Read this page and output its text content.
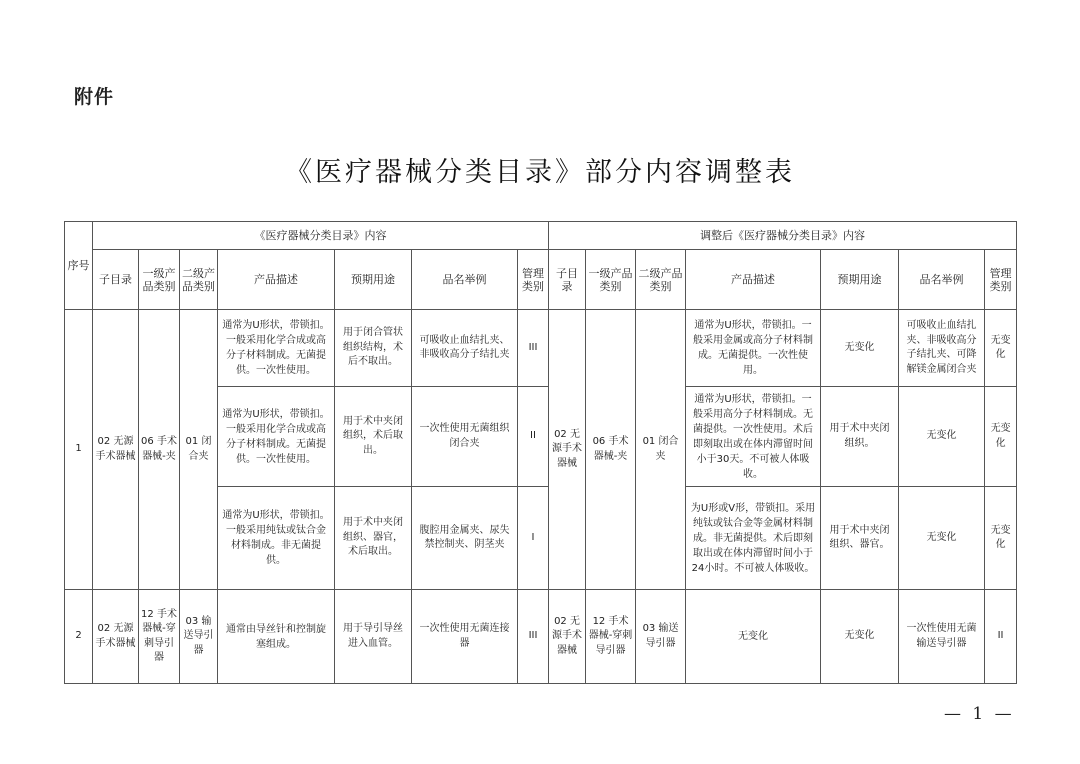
附件
《医疗器械分类目录》部分内容调整表
序号	《医疗器械分类目录》内容							调整后《医疗器械分类目录》内容						
	子目录	一级产品类别	二级产品类别	产品描述	预期用途	品名举例	管理类别	子目录	一级产品类别	二级产品类别	产品描述	预期用途	品名举例	管理类别
1	02 无源手术器械	06 手术器械-夹	01 闭合夹	通常为U形状，带锁扣。一般采用化学合成或高分子材料制成。无菌提供。一次性使用。	用于闭合管状组织结构，术后不取出。	可吸收止血结扎夹、非吸收高分子结扎夹	III	02 无源手术器械	06 手术器械-夹	01 闭合夹	通常为U形状，带锁扣。一般采用金属或高分子材料制成。无菌提供。一次性使用。	无变化	可吸收止血结扎夹、非吸收高分子结扎夹、可降解镁金属闭合夹	无变化
				通常为U形状，带锁扣。一般采用化学合成或高分子材料制成。无菌提供。一次性使用。	用于术中夹闭组织，术后取出。	一次性使用无菌组织闭合夹	II				通常为U形状，带锁扣。一般采用高分子材料制成。无菌提供。一次性使用。术后即刻取出或在体内滞留时间小于30天。不可被人体吸收。	用于术中夹闭组织。	无变化	无变化
				通常为U形状，带锁扣。一般采用纯钛或钛合金材料制成。非无菌提供。	用于术中夹闭组织、器官，术后取出。	腹腔用金属夹、尿失禁控制夹、阴茎夹	I				为U形或V形，带锁扣。采用纯钛或钛合金等金属材料制成。非无菌提供。术后即刻取出或在体内滞留时间小于24小时。不可被人体吸收。	用于术中夹闭组织、器官。	无变化	无变化
2	02 无源手术器械	12 手术器械-穿刺导引器	03 输送导引器	通常由导丝针和控制旋塞组成。	用于导引导丝进入血管。	一次性使用无菌连接器	III	02 无源手术器械	12 手术器械-穿刺导引器	03 输送导引器	无变化	无变化	一次性使用无菌输送导引器	II
— 1 —
